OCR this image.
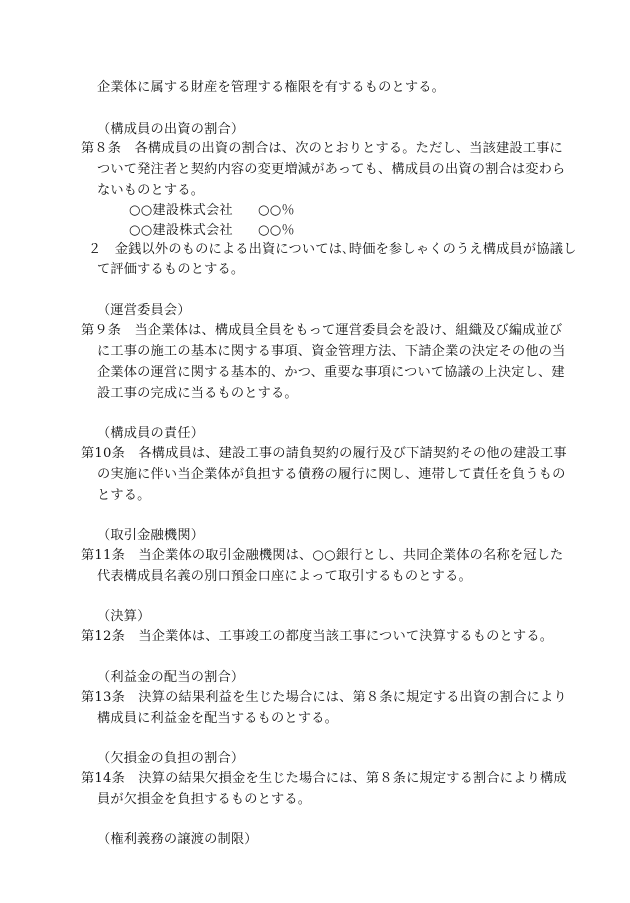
企業体に属する財産を管理する権限を有するものとする。
（構成員の出資の割合）
第８条　各構成員の出資の割合は、次のとおりとする。ただし、当該建設工事に
ついて発注者と契約内容の変更増減があっても、構成員の出資の割合は変わら
ないものとする。
○○建設株式会社 ○○％
○○建設株式会社 ○○％
２　金銭以外のものによる出資については､時価を参しゃくのうえ構成員が協議し
て評価するものとする。
（運営委員会）
第９条　当企業体は、構成員全員をもって運営委員会を設け、組織及び編成並び
に工事の施工の基本に関する事項、資金管理方法、下請企業の決定その他の当
企業体の運営に関する基本的、かつ、重要な事項について協議の上決定し、建
設工事の完成に当るものとする。
（構成員の責任）
第10条　各構成員は、建設工事の請負契約の履行及び下請契約その他の建設工事
の実施に伴い当企業体が負担する債務の履行に関し、連帯して責任を負うもの
とする。
（取引金融機関）
第11条　当企業体の取引金融機関は、○○銀行とし、共同企業体の名称を冠した
代表構成員名義の別口預金口座によって取引するものとする。
（決算）
第12条　当企業体は、工事竣工の都度当該工事について決算するものとする。
（利益金の配当の割合）
第13条　決算の結果利益を生じた場合には、第８条に規定する出資の割合により
構成員に利益金を配当するものとする。
（欠損金の負担の割合）
第14条　決算の結果欠損金を生じた場合には、第８条に規定する割合により構成
員が欠損金を負担するものとする。
（権利義務の譲渡の制限）
